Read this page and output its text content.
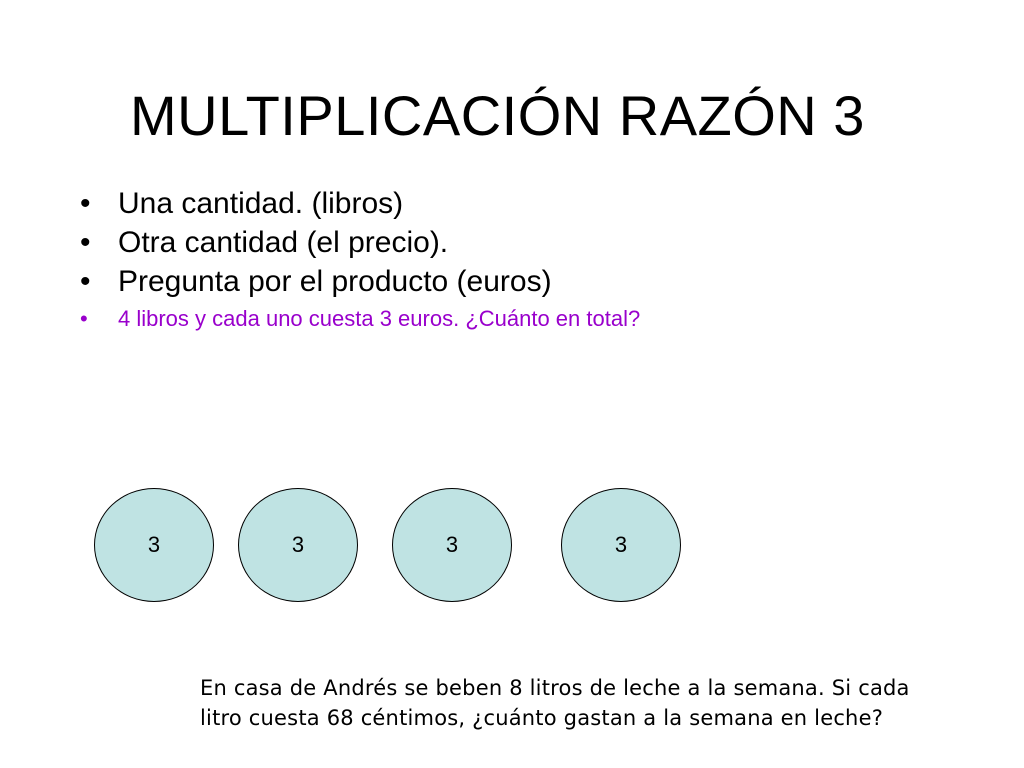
MULTIPLICACIÓN RAZÓN 3
• Una cantidad. (libros)
• Otra cantidad (el precio).
• Pregunta por el producto (euros)
• 4 libros y cada uno cuesta 3 euros. ¿Cuánto en total?
3	3	3	3
En casa de Andrés se beben 8 litros de leche a la semana. Si cada
litro cuesta 68 céntimos, ¿cuánto gastan a la semana en leche?
